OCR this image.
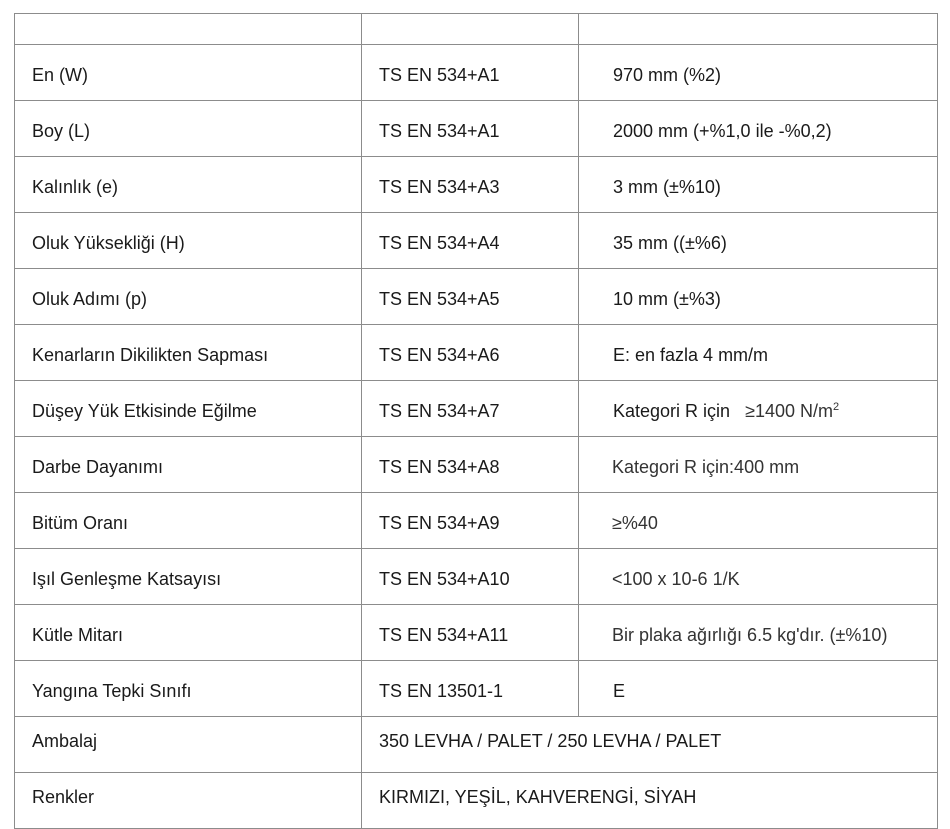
En (W)	TS EN 534+A1	970 mm (%2)
Boy (L)	TS EN 534+A1	2000 mm (+%1,0 ile -%0,2)
Kalınlık (e)	TS EN 534+A3	3 mm (±%10)
Oluk Yüksekliği (H)	TS EN 534+A4	35 mm ((±%6)
Oluk Adımı (p)	TS EN 534+A5	10 mm (±%3)
Kenarların Dikilikten Sapması	TS EN 534+A6	E: en fazla 4 mm/m
Düşey Yük Etkisinde Eğilme	TS EN 534+A7	Kategori R için ≥1400 $N/m^2$
Darbe Dayanımı	TS EN 534+A8	Kategori R için:400 mm
Bitüm Oranı	TS EN 534+A9	≥%40
Işıl Genleşme Katsayısı	TS EN 534+A10	<100 x 10-6 1/K
Kütle Mitarı	TS EN 534+A11	Bir plaka ağırlığı 6.5 kg'dır. (±%10)
Yangına Tepki Sınıfı	TS EN 13501-1	E
Ambalaj	350 LEVHA / PALET / 250 LEVHA / PALET	
Renkler	KIRMIZI, YEŞİL, KAHVERENGİ, SİYAH	
